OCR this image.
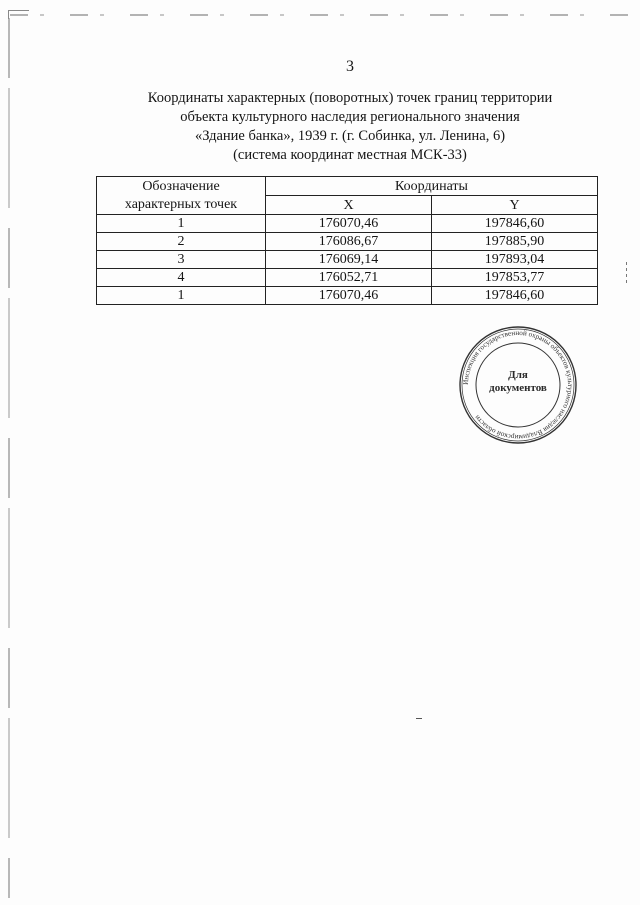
3
Координаты характерных (поворотных) точек границ территории
объекта культурного наследия регионального значения
«Здание банка», 1939 г. (г. Собинка, ул. Ленина, 6)
(система координат местная МСК-33)
Обозначение
характерных точек	Координаты	
	X	Y
1	176070,46	197846,60
2	176086,67	197885,90
3	176069,14	197893,04
4	176052,71	197853,77
1	176070,46	197846,60
Инспекция государственной охраны объектов культурного наследия Владимирской области
Для
документов
